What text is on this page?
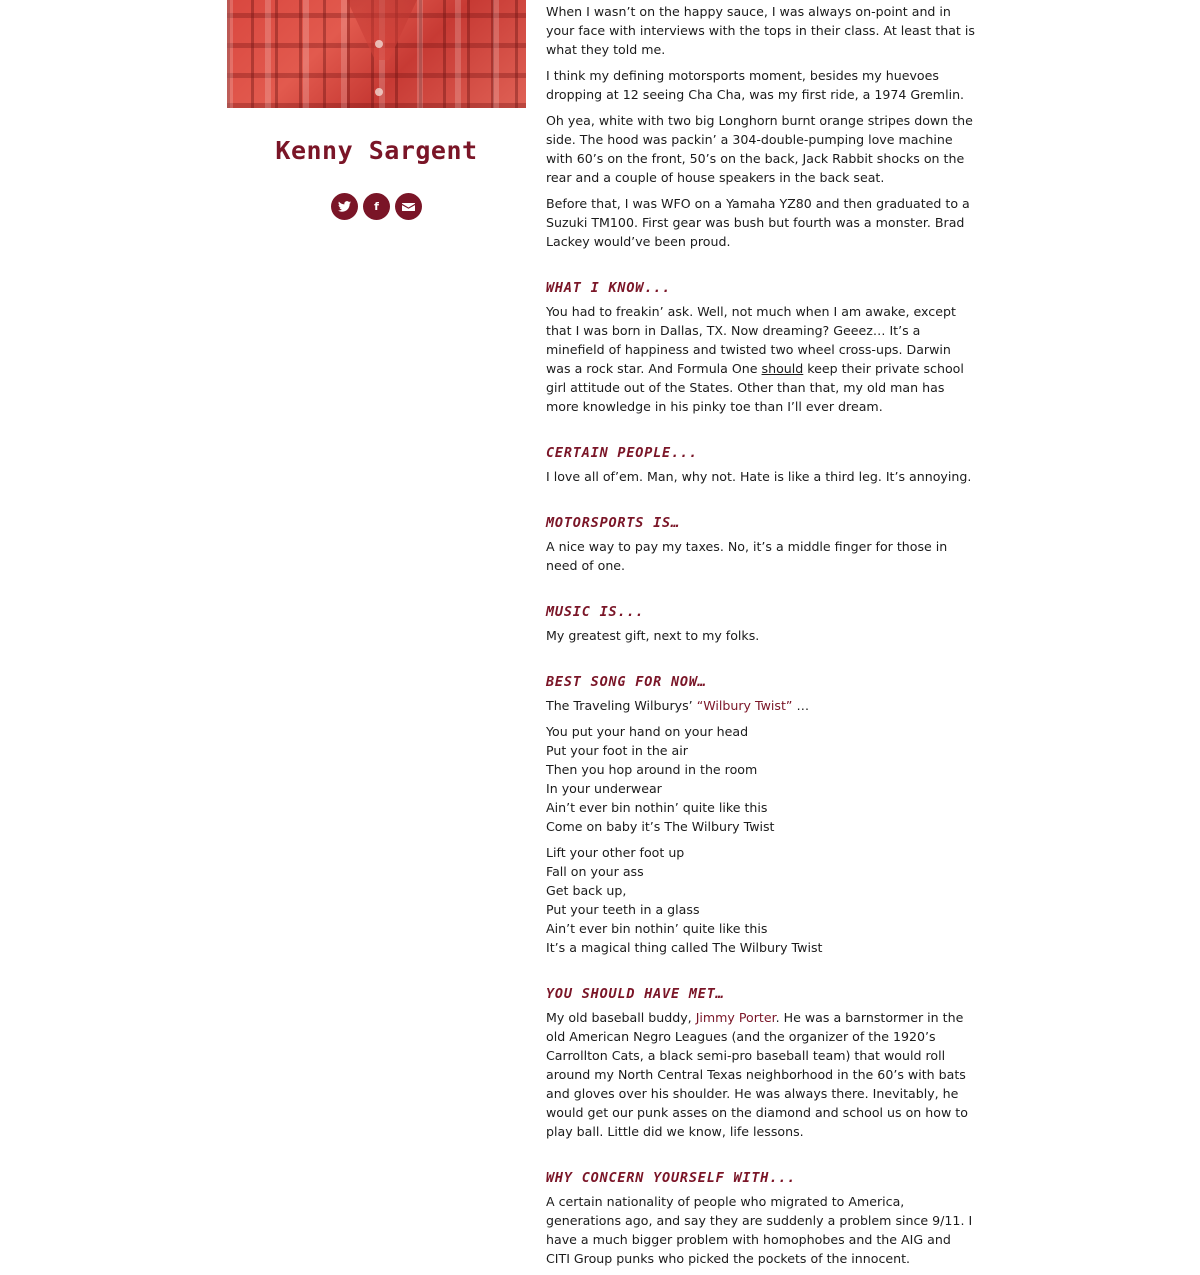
Kenny Sargent
f

When I wasn’t on the happy sauce, I was always on-point and in your face with interviews with the tops in their class. At least that is what they told me.

I think my defining motorsports moment, besides my huevoes dropping at 12 seeing Cha Cha, was my first ride, a 1974 Gremlin.

Oh yea, white with two big Longhorn burnt orange stripes down the side. The hood was packin’ a 304-double-pumping love machine with 60’s on the front, 50’s on the back, Jack Rabbit shocks on the rear and a couple of house speakers in the back seat.

Before that, I was WFO on a Yamaha YZ80 and then graduated to a Suzuki TM100. First gear was bush but fourth was a monster. Brad Lackey would’ve been proud.

WHAT I KNOW...

You had to freakin’ ask. Well, not much when I am awake, except that I was born in Dallas, TX. Now dreaming? Geeez… It’s a minefield of happiness and twisted two wheel cross-ups. Darwin was a rock star. And Formula One should keep their private school girl attitude out of the States. Other than that, my old man has more knowledge in his pinky toe than I’ll ever dream.

CERTAIN PEOPLE...

I love all of’em. Man, why not. Hate is like a third leg. It’s annoying.

MOTORSPORTS IS…

A nice way to pay my taxes. No, it’s a middle finger for those in need of one.

MUSIC IS...

My greatest gift, next to my folks.

BEST SONG FOR NOW…

The Traveling Wilburys’ “Wilbury Twist” …

You put your hand on your head
Put your foot in the air
Then you hop around in the room
In your underwear
Ain’t ever bin nothin’ quite like this
Come on baby it’s The Wilbury Twist
Lift your other foot up
Fall on your ass
Get back up,
Put your teeth in a glass
Ain’t ever bin nothin’ quite like this
It’s a magical thing called The Wilbury Twist
YOU SHOULD HAVE MET…

My old baseball buddy, Jimmy Porter. He was a barnstormer in the old American Negro Leagues (and the organizer of the 1920’s Carrollton Cats, a black semi-pro baseball team) that would roll around my North Central Texas neighborhood in the 60’s with bats and gloves over his shoulder. He was always there. Inevitably, he would get our punk asses on the diamond and school us on how to play ball. Little did we know, life lessons.

WHY CONCERN YOURSELF WITH...

A certain nationality of people who migrated to America, generations ago, and say they are suddenly a problem since 9/11. I have a much bigger problem with homophobes and the AIG and CITI Group punks who picked the pockets of the innocent.
